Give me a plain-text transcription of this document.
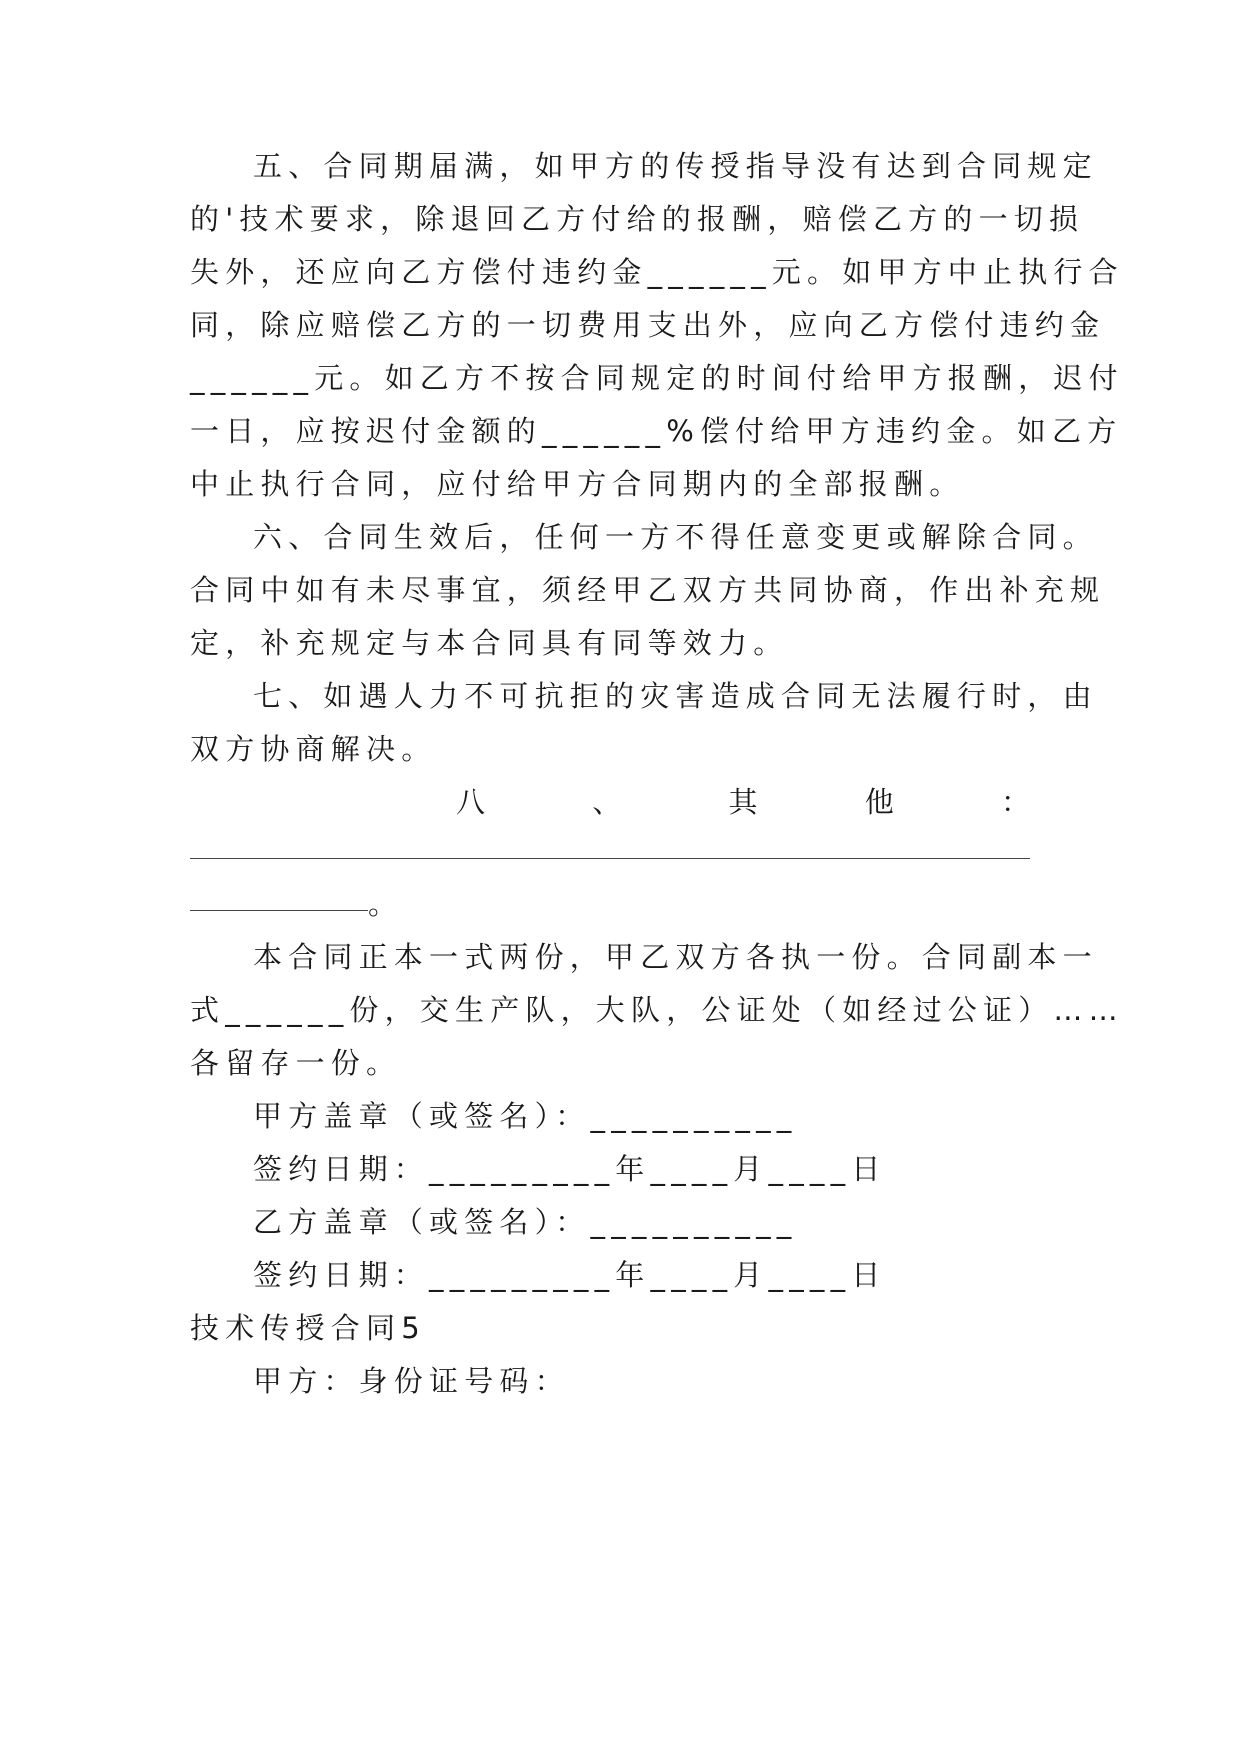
五、合同期届满，如甲方的传授指导没有达到合同规定
的'技术要求，除退回乙方付给的报酬，赔偿乙方的一切损
失外，还应向乙方偿付违约金______元。如甲方中止执行合
同，除应赔偿乙方的一切费用支出外，应向乙方偿付违约金
______元。如乙方不按合同规定的时间付给甲方报酬，迟付
一日，应按迟付金额的______%偿付给甲方违约金。如乙方
中止执行合同，应付给甲方合同期内的全部报酬。
六、合同生效后，任何一方不得任意变更或解除合同。
合同中如有未尽事宜，须经甲乙双方共同协商，作出补充规
定，补充规定与本合同具有同等效力。
七、如遇人力不可抗拒的灾害造成合同无法履行时，由
双方协商解决。
八	、	其	他	：
。
本合同正本一式两份，甲乙双方各执一份。合同副本一
式______份，交生产队，大队，公证处（如经过公证）……
各留存一份。
甲方盖章（或签名）：__________
签约日期：_________年____月____日
乙方盖章（或签名）：__________
签约日期：_________年____月____日
技术传授合同5
甲方：身份证号码：
